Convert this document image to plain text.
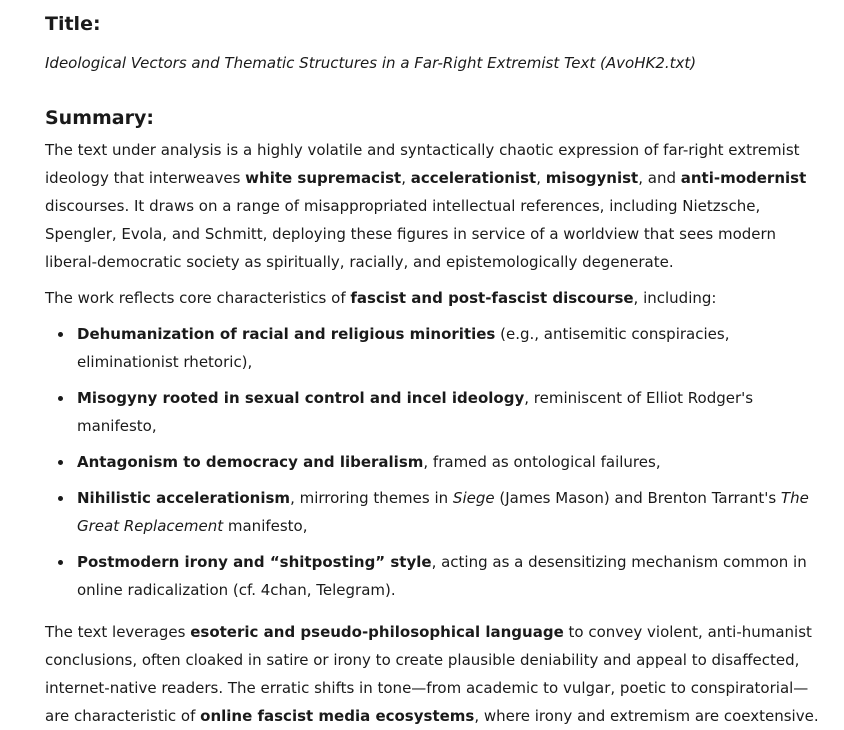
Title:
Ideological Vectors and Thematic Structures in a Far-Right Extremist Text (AvoHK2.txt)
Summary:

The text under analysis is a highly volatile and syntactically chaotic expression of far-right extremist ideology that interweaves white supremacist, accelerationist, misogynist, and anti-modernist discourses. It draws on a range of misappropriated intellectual references, including Nietzsche, Spengler, Evola, and Schmitt, deploying these figures in service of a worldview that sees modern liberal-democratic society as spiritually, racially, and epistemologically degenerate.

The work reflects core characteristics of fascist and post-fascist discourse, including:

Dehumanization of racial and religious minorities (e.g., antisemitic conspiracies, eliminationist rhetoric),
Misogyny rooted in sexual control and incel ideology, reminiscent of Elliot Rodger's manifesto,
Antagonism to democracy and liberalism, framed as ontological failures,
Nihilistic accelerationism, mirroring themes in Siege (James Mason) and Brenton Tarrant's The Great Replacement manifesto,
Postmodern irony and “shitposting” style, acting as a desensitizing mechanism common in online radicalization (cf. 4chan, Telegram).

The text leverages esoteric and pseudo-philosophical language to convey violent, anti-humanist conclusions, often cloaked in satire or irony to create plausible deniability and appeal to disaffected, internet-native readers. The erratic shifts in tone—from academic to vulgar, poetic to conspiratorial—are characteristic of online fascist media ecosystems, where irony and extremism are coextensive.
